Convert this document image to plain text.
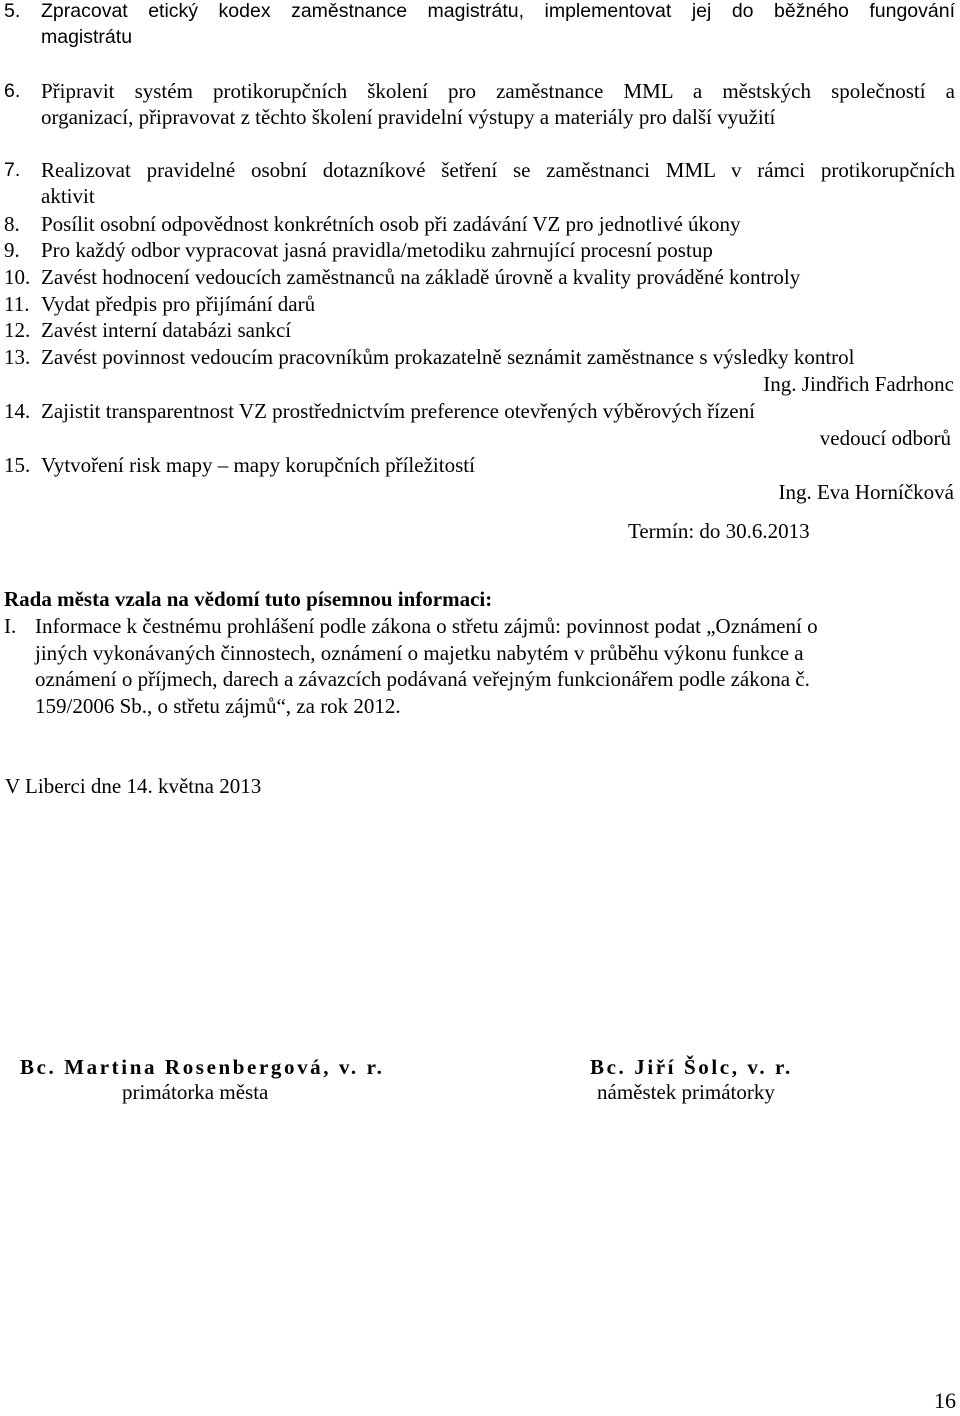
5. Zpracovat etický kodex zaměstnance magistrátu, implementovat jej do běžného fungování
magistrátu
6. Připravit systém protikorupčních školení pro zaměstnance MML a městských společností a
organizací, připravovat z těchto školení pravidelní výstupy a materiály pro další využití
7. Realizovat pravidelné osobní dotazníkové šetření se zaměstnanci MML v rámci protikorupčních
aktivit
8. Posílit osobní odpovědnost konkrétních osob při zadávání VZ pro jednotlivé úkony
9. Pro každý odbor vypracovat jasná pravidla/metodiku zahrnující procesní postup
10. Zavést hodnocení vedoucích zaměstnanců na základě úrovně a kvality prováděné kontroly
11. Vydat předpis pro přijímání darů
12. Zavést interní databázi sankcí
13. Zavést povinnost vedoucím pracovníkům prokazatelně seznámit zaměstnance s výsledky kontrol
Ing. Jindřich Fadrhonc
14. Zajistit transparentnost VZ prostřednictvím preference otevřených výběrových řízení
vedoucí odborů
15. Vytvoření risk mapy – mapy korupčních příležitostí
Ing. Eva Horníčková
Termín: do 30.6.2013
Rada města vzala na vědomí tuto písemnou informaci:
I. Informace k čestnému prohlášení podle zákona o střetu zájmů: povinnost podat „Oznámení o
jiných vykonávaných činnostech, oznámení o majetku nabytém v průběhu výkonu funkce a
oznámení o příjmech, darech a závazcích podávaná veřejným funkcionářem podle zákona č.
159/2006 Sb., o střetu zájmů“, za rok 2012.
V Liberci dne 14. května 2013
Bc. Martina Rosenbergová, v. r.
primátorka města
Bc. Jiří Šolc, v. r.
náměstek primátorky
16
